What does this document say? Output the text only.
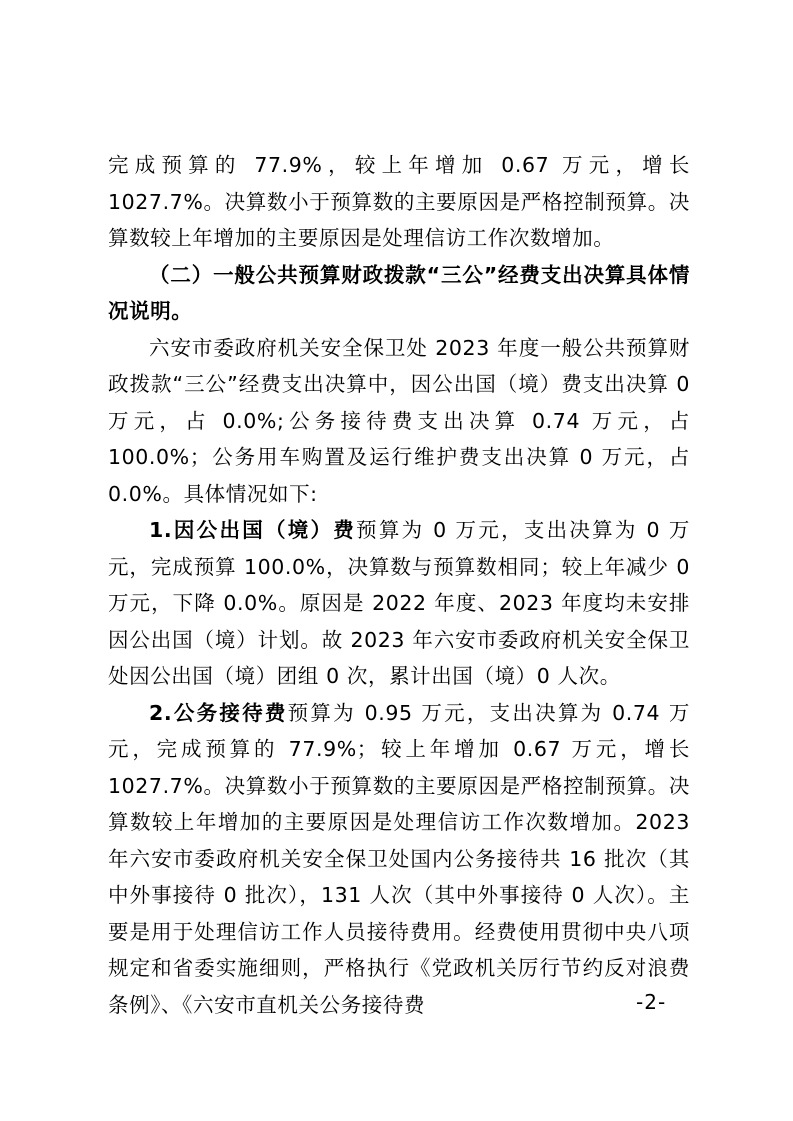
完成预算的 77.9%，较上年增加 0.67 万元，增长 1027.7%。决算数小于预算数的主要原因是严格控制预算。决算数较上年增加的主要原因是处理信访工作次数增加。

（二）一般公共预算财政拨款“三公”经费支出决算具体情况说明。

六安市委政府机关安全保卫处 2023 年度一般公共预算财政拨款“三公”经费支出决算中，因公出国（境）费支出决算 0 万元，占 0.0%;公务接待费支出决算 0.74 万元，占 100.0%；公务用车购置及运行维护费支出决算 0 万元，占 0.0%。具体情况如下:

1.因公出国（境）费预算为 0 万元，支出决算为 0 万元，完成预算 100.0%，决算数与预算数相同；较上年减少 0 万元，下降 0.0%。原因是 2022 年度、2023 年度均未安排因公出国（境）计划。故 2023 年六安市委政府机关安全保卫处因公出国（境）团组 0 次，累计出国（境）0 人次。

2.公务接待费预算为 0.95 万元，支出决算为 0.74 万元，完成预算的 77.9%；较上年增加 0.67 万元，增长 1027.7%。决算数小于预算数的主要原因是严格控制预算。决算数较上年增加的主要原因是处理信访工作次数增加。2023 年六安市委政府机关安全保卫处国内公务接待共 16 批次（其中外事接待 0 批次），131 人次（其中外事接待 0 人次）。主要是用于处理信访工作人员接待费用。经费使用贯彻中央八项规定和省委实施细则，严格执行《党政机关厉行节约反对浪费条例》、《六安市直机关公务接待费	-2-
